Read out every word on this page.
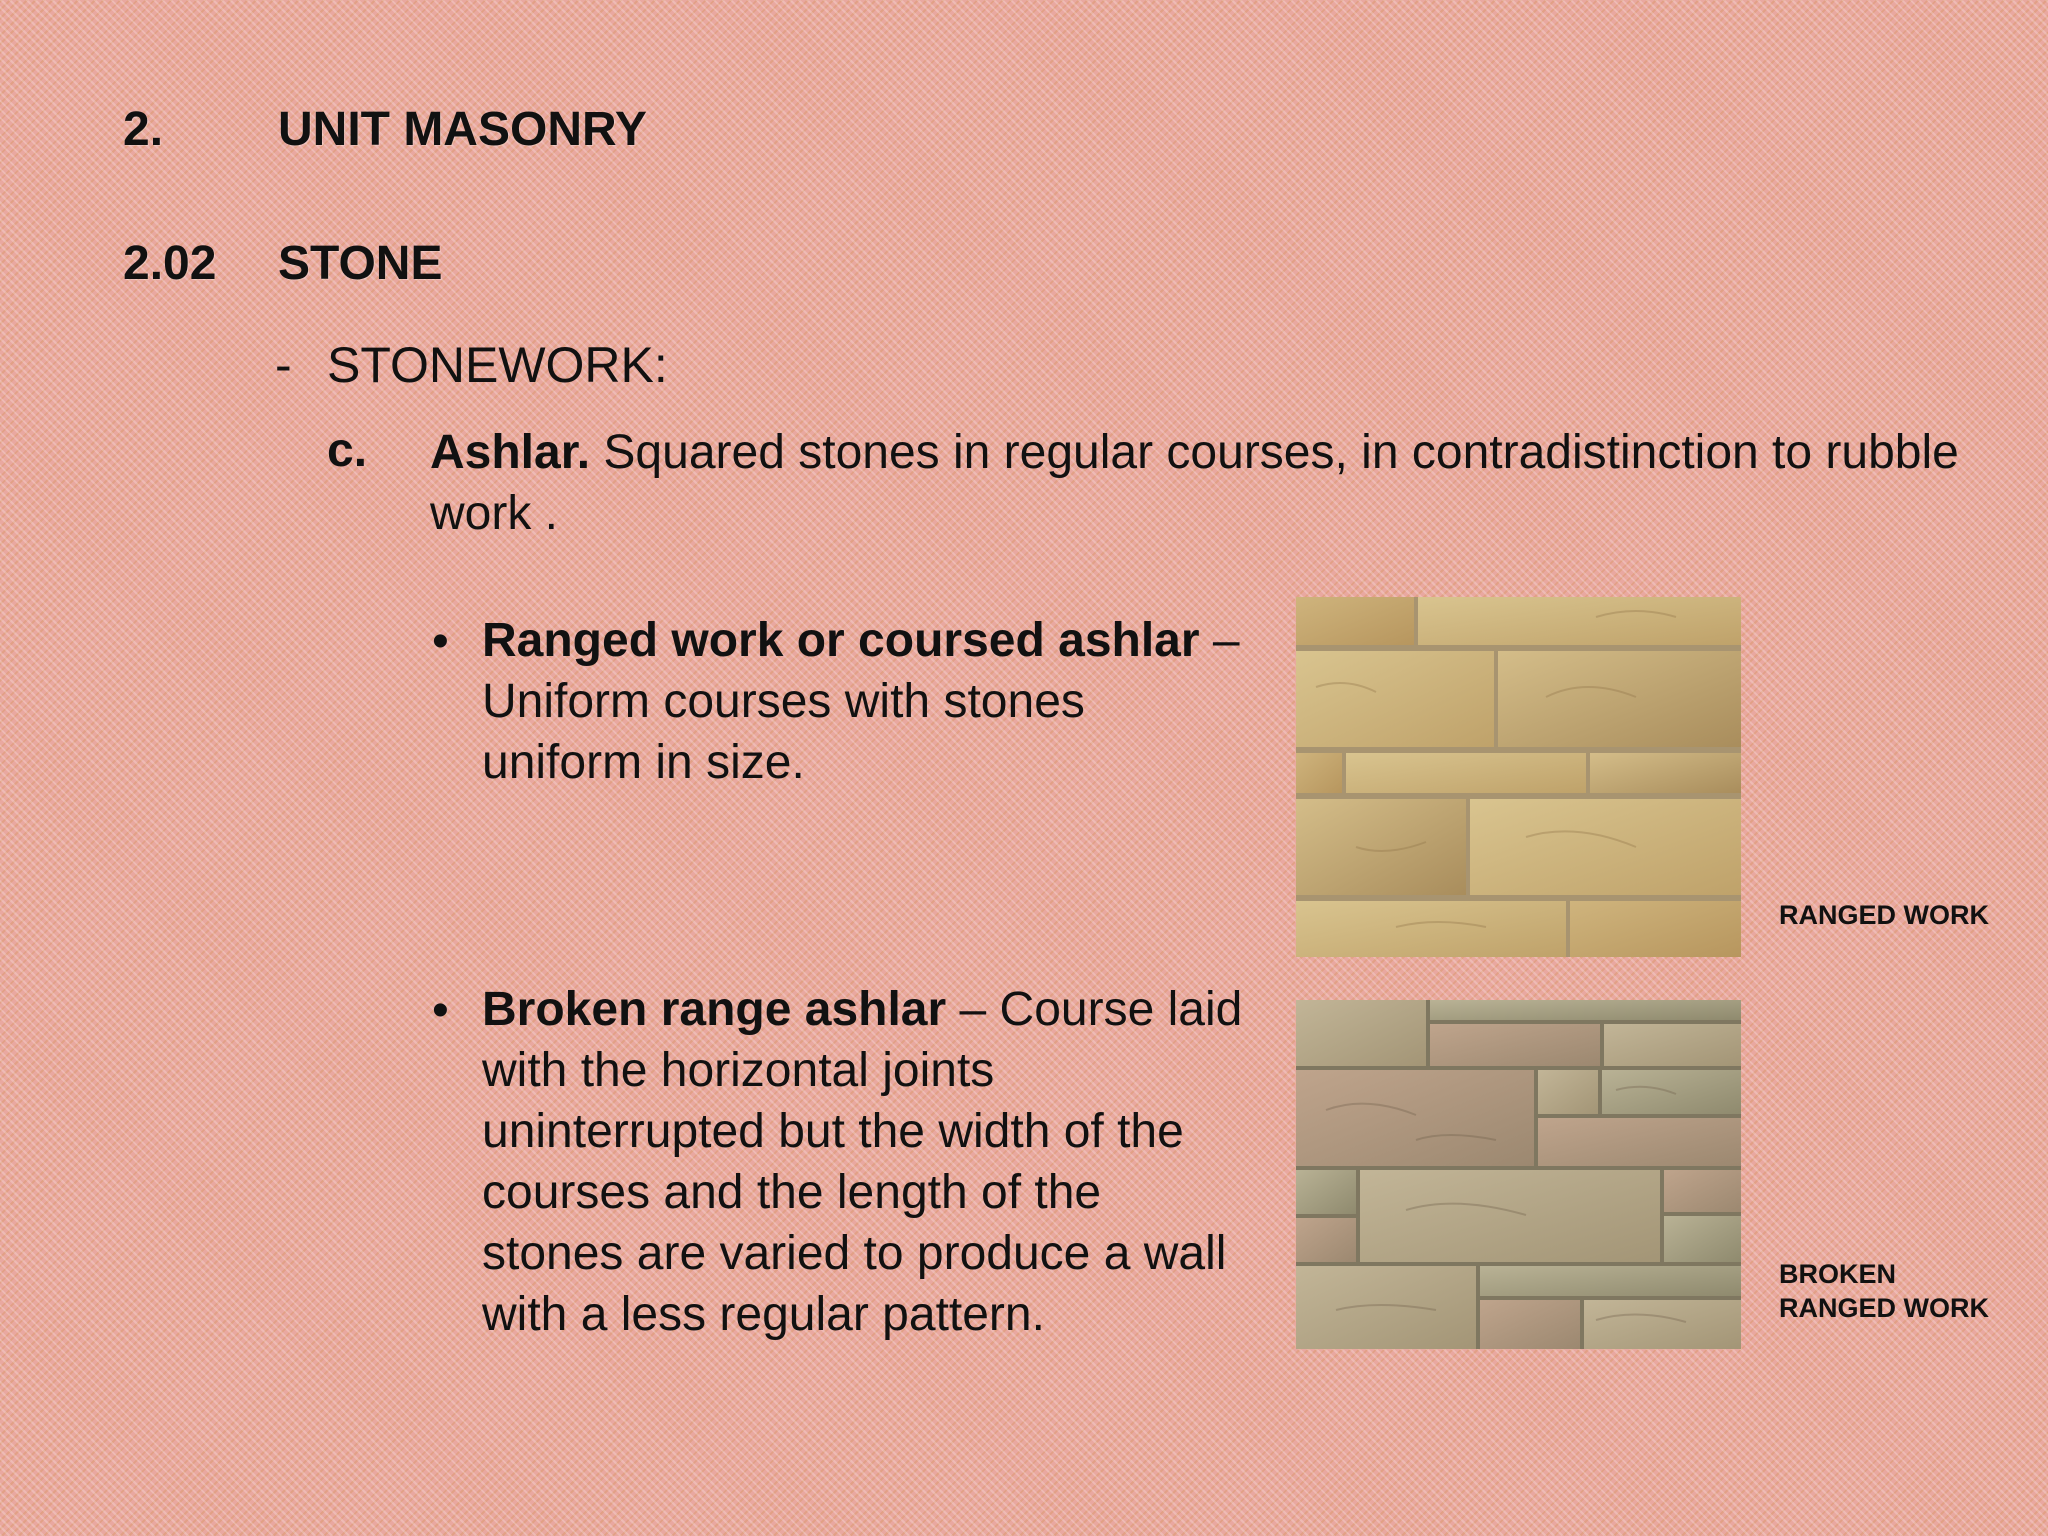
2. UNIT MASONRY
2.02 STONE
- STONEWORK:
c. Ashlar. Squared stones in regular courses, in contradistinction to rubble work .
• Ranged work or coursed ashlar – Uniform courses with stones uniform in size.
• Broken range ashlar – Course laid with the horizontal joints uninterrupted but the width of the courses and the length of the stones are varied to produce a wall with a less regular pattern.
RANGED WORK
BROKEN
RANGED WORK
